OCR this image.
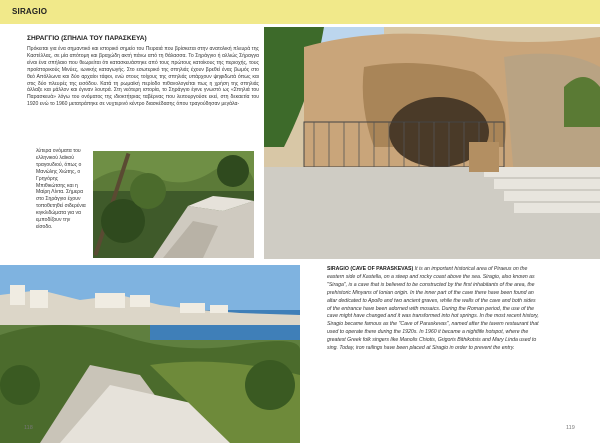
SIRAGIO
ΣΗΡΑΓΓΙΟ (ΣΠΗΛΙΑ ΤΟΥ ΠΑΡΑΣΚΕΥΑ)
Πρόκειται για ένα σημαντικό και ιστορικό σημείο του Πειραιά που βρίσκεται στην ανατολική πλευρά της Καστέλλας, σε μία απότομη και βραχώδη ακτή πάνω από τη θάλασσα. Το Σηράγγιο ή αλλιώς Σήραγγα είναι ένα σπήλαιο που θεωρείται ότι κατασκευάστηκε από τους πρώτους κατοίκους της περιοχής, τους προϊστορικούς Μινύες, ιωνικής καταγωγής. Στο εσωτερικό της σπηλιάς έχουν βρεθεί ένας βωμός στο θεό Απόλλωνα και δύο αρχαίοι τάφοι, ενώ στους τοίχους της σπηλιάς υπάρχουν ψηφιδωτά όπως και στις δύο πλευρές της εισόδου. Κατά τη ρωμαϊκή περίοδο πιθανολογείται πως η χρήση της σπηλιάς άλλαξε και μάλλον και έγιναν λουτρά. Στη νεότερη ιστορία, το Σηράγγιο έγινε γνωστό ως «Σπηλιά του Παρασκευά» λόγω του ονόματος της ιδιοκτήτριας ταβέρνας που λειτουργούσε εκεί, στη δεκαετία του 1920 ενώ το 1960 μετατράπηκε σε νυχτερινό κέντρο διασκέδασης όπου τραγούδησαν μεγάλα-
λύτερα ονόματα του ελληνικού λαϊκού τραγουδιού, όπως ο Μανώλης Χιώτης, ο Γρηγόρης Μπιθικώτσης και η Μαίρη Λίντα. Σήμερα στο Σηράγγιο έχουν τοποθετηθεί σιδερένια κιγκλιδώματα για να εμποδίζουν την είσοδο.
SIRAGIO (CAVE OF PARASKEVAS) It is an important historical area of Piraeus on the eastern side of Kastella, on a steep and rocky coast above the sea. Siragio, also known as "Siraga", is a cave that is believed to be constructed by the first inhabitants of the area, the prehistoric Minyans of Ionian origin. In the inner part of the cave there have been found an altar dedicated to Apollo and two ancient graves, while the walls of the cave and both sides of the entrance have been adorned with mosaics. During the Roman period, the use of the cave might have changed and it was transformed into hot springs. In the most recent history, Siragio became famous as the "Cave of Paraskevas", named after the tavern restaurant that used to operate there during the 1920s. In 1960 it became a nightlife hotspot, where the greatest Greek folk singers like Manolis Chiotis, Grigoris Bithikotsis and Mary Linda used to sing. Today, iron railings have been placed at Siragio in order to prevent the entry.
118	119
